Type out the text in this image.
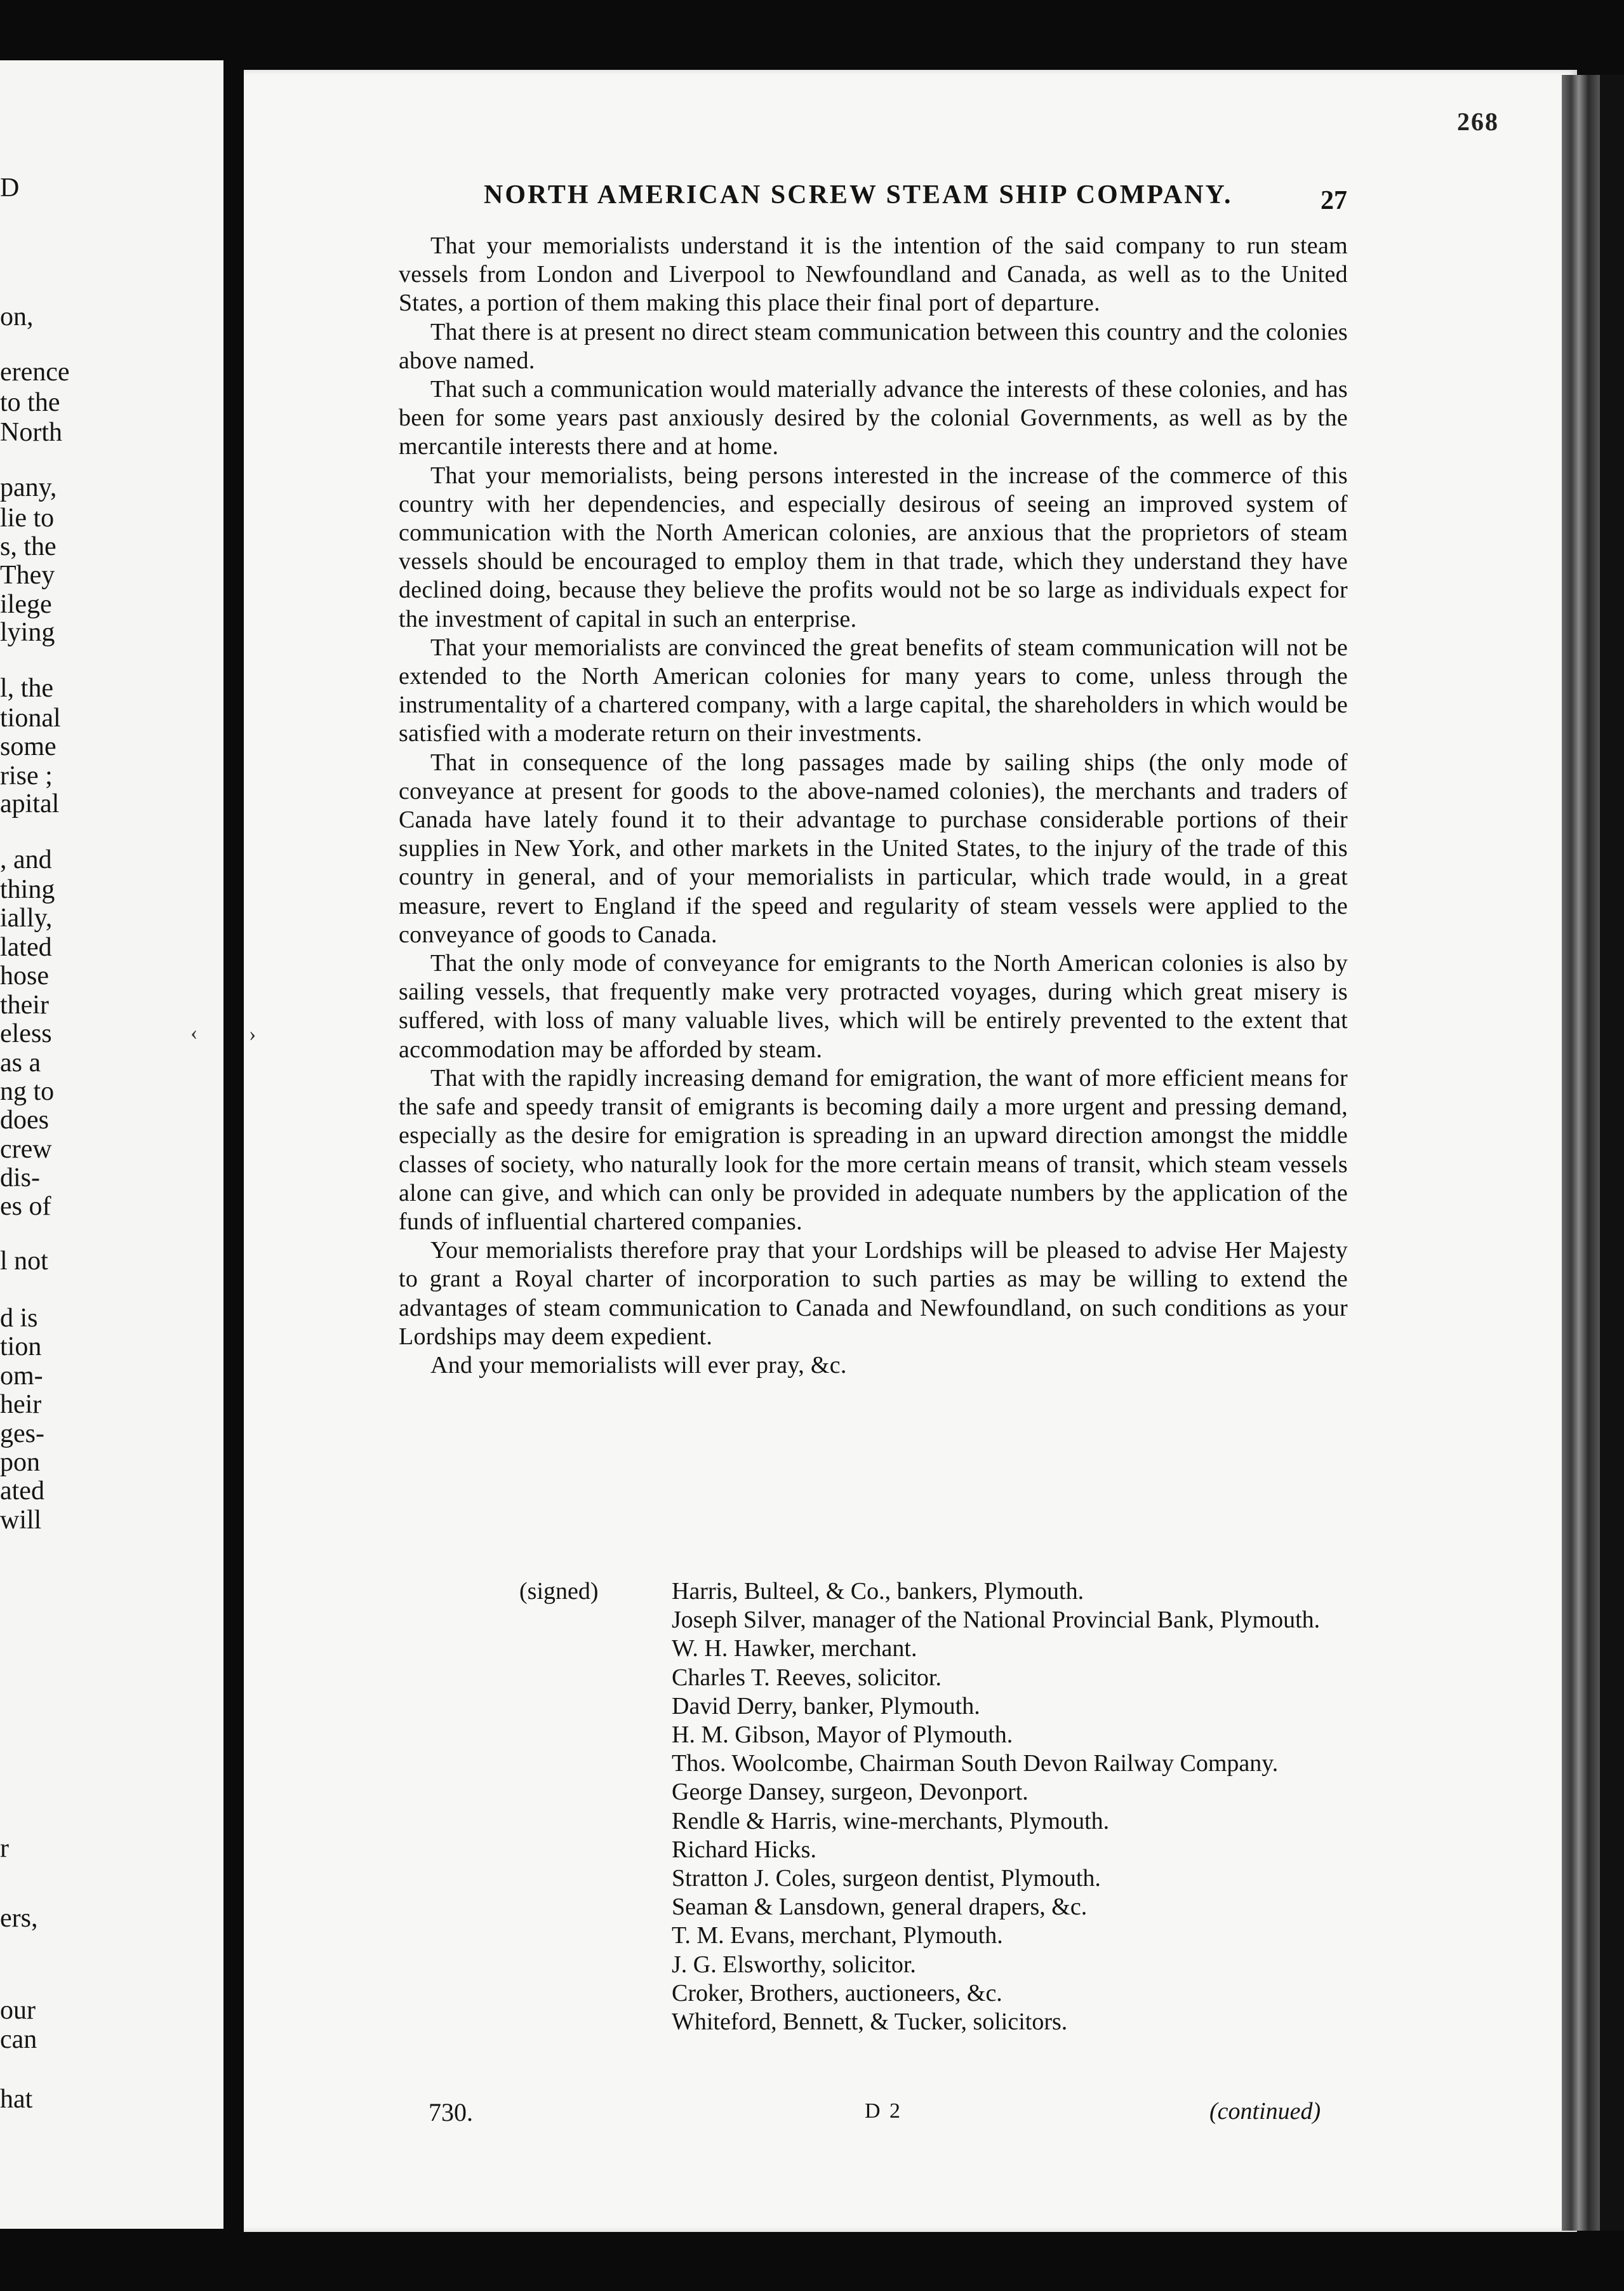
D
on,
erence
to the
North
pany,
lie to
s, the
They
ilege
lying
l, the
tional
some
rise ;
apital
, and
thing
ially,
lated
hose
their
eless
as a
ng to
does
crew
dis-
es of
l not
d is
tion
om-
heir
ges-
pon
ated
will
r
ers,
our
can
hat
‹ ›
268
NORTH AMERICAN SCREW STEAM SHIP COMPANY.	27

That your memorialists understand it is the intention of the said company to run steam vessels from London and Liverpool to Newfoundland and Canada, as well as to the United States, a portion of them making this place their final port of departure.

That there is at present no direct steam communication between this country and the colonies above named.

That such a communication would materially advance the interests of these colonies, and has been for some years past anxiously desired by the colonial Governments, as well as by the mercantile interests there and at home.

That your memorialists, being persons interested in the increase of the commerce of this country with her dependencies, and especially desirous of seeing an improved system of communication with the North American colonies, are anxious that the proprietors of steam vessels should be encouraged to employ them in that trade, which they understand they have declined doing, because they believe the profits would not be so large as individuals expect for the investment of capital in such an enterprise.

That your memorialists are convinced the great benefits of steam communication will not be extended to the North American colonies for many years to come, unless through the instrumentality of a chartered company, with a large capital, the shareholders in which would be satisfied with a moderate return on their investments.

That in consequence of the long passages made by sailing ships (the only mode of conveyance at present for goods to the above-named colonies), the merchants and traders of Canada have lately found it to their advantage to purchase considerable portions of their supplies in New York, and other markets in the United States, to the injury of the trade of this country in general, and of your memorialists in particular, which trade would, in a great measure, revert to England if the speed and regularity of steam vessels were applied to the conveyance of goods to Canada.

That the only mode of conveyance for emigrants to the North American colonies is also by sailing vessels, that frequently make very protracted voyages, during which great misery is suffered, with loss of many valuable lives, which will be entirely prevented to the extent that accommodation may be afforded by steam.

That with the rapidly increasing demand for emigration, the want of more efficient means for the safe and speedy transit of emigrants is becoming daily a more urgent and pressing demand, especially as the desire for emigration is spreading in an upward direction amongst the middle classes of society, who naturally look for the more certain means of transit, which steam vessels alone can give, and which can only be provided in adequate numbers by the application of the funds of influential chartered companies.

Your memorialists therefore pray that your Lordships will be pleased to advise Her Majesty to grant a Royal charter of incorporation to such parties as may be willing to extend the advantages of steam communication to Canada and Newfoundland, on such conditions as your Lordships may deem expedient.

And your memorialists will ever pray, &c.

(signed)	Harris, Bulteel, & Co., bankers, Plymouth.
Joseph Silver, manager of the National Provincial Bank, Plymouth.
W. H. Hawker, merchant.
Charles T. Reeves, solicitor.
David Derry, banker, Plymouth.
H. M. Gibson, Mayor of Plymouth.
Thos. Woolcombe, Chairman South Devon Railway Company.
George Dansey, surgeon, Devonport.
Rendle & Harris, wine-merchants, Plymouth.
Richard Hicks.
Stratton J. Coles, surgeon dentist, Plymouth.
Seaman & Lansdown, general drapers, &c.
T. M. Evans, merchant, Plymouth.
J. G. Elsworthy, solicitor.
Croker, Brothers, auctioneers, &c.
Whiteford, Bennett, & Tucker, solicitors.
730.	D 2	(continued)
